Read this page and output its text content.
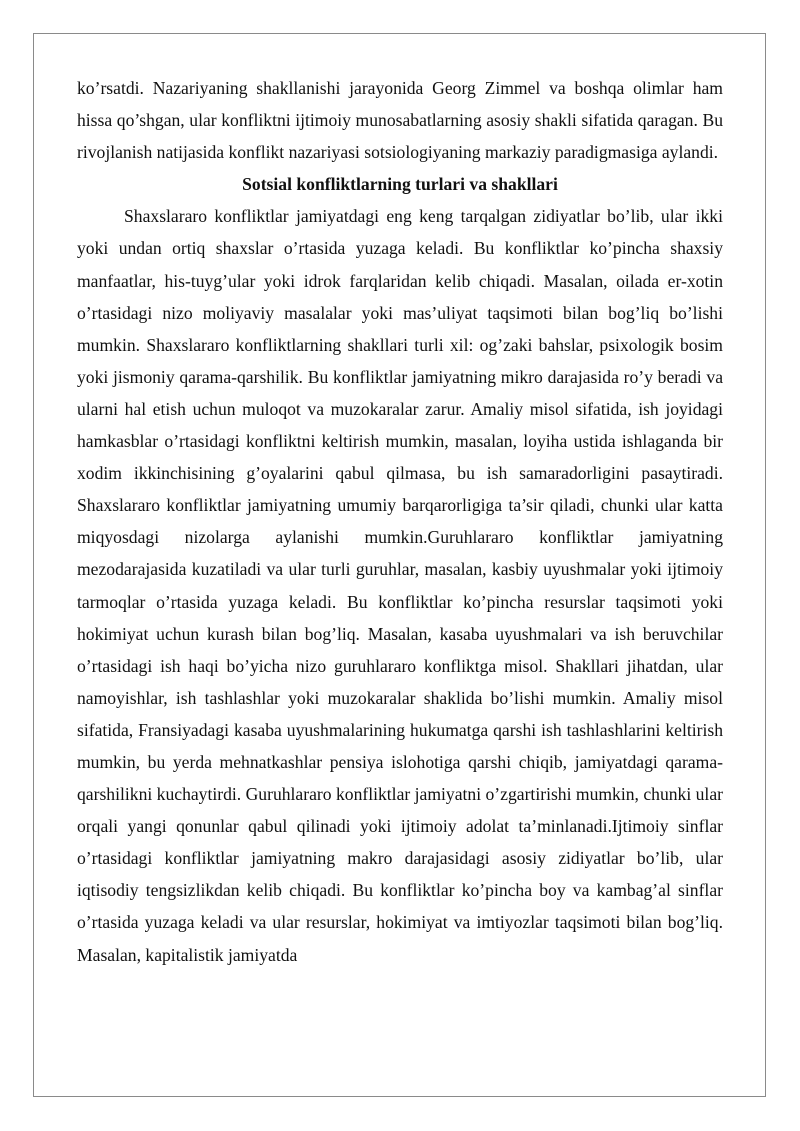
ko’rsatdi. Nazariyaning shakllanishi jarayonida Georg Zimmel va boshqa olimlar ham hissa qo’shgan, ular konfliktni ijtimoiy munosabatlarning asosiy shakli sifatida qaragan. Bu rivojlanish natijasida konflikt nazariyasi sotsiologiyaning markaziy paradigmasiga aylandi.

Sotsial konfliktlarning turlari va shakllari

Shaxslararo konfliktlar jamiyatdagi eng keng tarqalgan zidiyatlar bo’lib, ular ikki yoki undan ortiq shaxslar o’rtasida yuzaga keladi. Bu konfliktlar ko’pincha shaxsiy manfaatlar, his-tuyg’ular yoki idrok farqlaridan kelib chiqadi. Masalan, oilada er-xotin o’rtasidagi nizo moliyaviy masalalar yoki mas’uliyat taqsimoti bilan bog’liq bo’lishi mumkin. Shaxslararo konfliktlarning shakllari turli xil: og’zaki bahslar, psixologik bosim yoki jismoniy qarama-qarshilik. Bu konfliktlar jamiyatning mikro darajasida ro’y beradi va ularni hal etish uchun muloqot va muzokaralar zarur. Amaliy misol sifatida, ish joyidagi hamkasblar o’rtasidagi konfliktni keltirish mumkin, masalan, loyiha ustida ishlaganda bir xodim ikkinchisining g’oyalarini qabul qilmasa, bu ish samaradorligini pasaytiradi. Shaxslararo konfliktlar jamiyatning umumiy barqarorligiga ta’sir qiladi, chunki ular katta miqyosdagi nizolarga aylanishi mumkin.Guruhlararo konfliktlar jamiyatning mezodarajasida kuzatiladi va ular turli guruhlar, masalan, kasbiy uyushmalar yoki ijtimoiy tarmoqlar o’rtasida yuzaga keladi. Bu konfliktlar ko’pincha resurslar taqsimoti yoki hokimiyat uchun kurash bilan bog’liq. Masalan, kasaba uyushmalari va ish beruvchilar o’rtasidagi ish haqi bo’yicha nizo guruhlararo konfliktga misol. Shakllari jihatdan, ular namoyishlar, ish tashlashlar yoki muzokaralar shaklida bo’lishi mumkin. Amaliy misol sifatida, Fransiyadagi kasaba uyushmalarining hukumatga qarshi ish tashlashlarini keltirish mumkin, bu yerda mehnatkashlar pensiya islohotiga qarshi chiqib, jamiyatdagi qarama-qarshilikni kuchaytirdi. Guruhlararo konfliktlar jamiyatni o’zgartirishi mumkin, chunki ular orqali yangi qonunlar qabul qilinadi yoki ijtimoiy adolat ta’minlanadi.Ijtimoiy sinflar o’rtasidagi konfliktlar jamiyatning makro darajasidagi asosiy zidiyatlar bo’lib, ular iqtisodiy tengsizlikdan kelib chiqadi. Bu konfliktlar ko’pincha boy va kambag’al sinflar o’rtasida yuzaga keladi va ular resurslar, hokimiyat va imtiyozlar taqsimoti bilan bog’liq. Masalan, kapitalistik jamiyatda
